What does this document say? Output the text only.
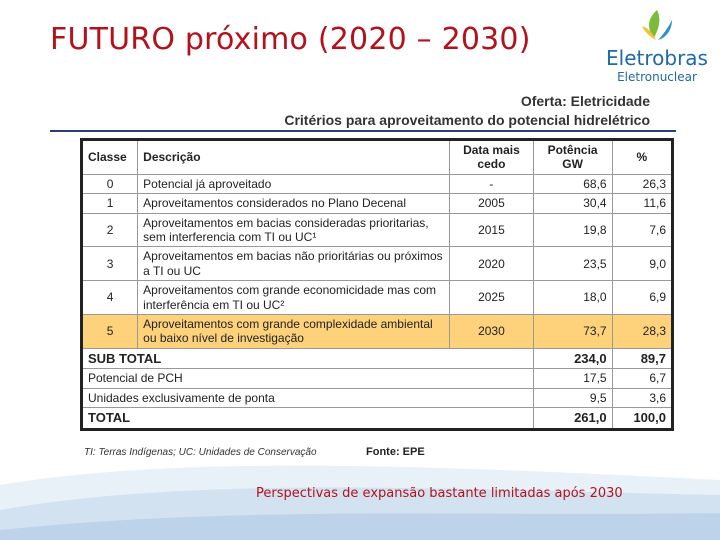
FUTURO próximo (2020 – 2030)
Eletrobras
Eletronuclear
Oferta: Eletricidade
Critérios para aproveitamento do potencial hidrelétrico
Classe	Descrição	Data mais cedo	Potência GW	%
0	Potencial já aproveitado	-	68,6	26,3
1	Aproveitamentos considerados no Plano Decenal	2005	30,4	11,6
2	Aproveitamentos em bacias consideradas prioritarias, sem interferencia com TI ou UC¹	2015	19,8	7,6
3	Aproveitamentos em bacias não prioritárias ou próximos a TI ou UC	2020	23,5	9,0
4	Aproveitamentos com grande economicidade mas com interferência em TI ou UC²	2025	18,0	6,9
5	Aproveitamentos com grande complexidade ambiental ou baixo nível de investigação	2030	73,7	28,3
SUB TOTAL			234,0	89,7
Potencial de PCH			17,5	6,7
Unidades exclusivamente de ponta			9,5	3,6
TOTAL			261,0	100,0
TI: Terras Indígenas; UC: Unidades de Conservação	Fonte: EPE
Perspectivas de expansão bastante limitadas após 2030
